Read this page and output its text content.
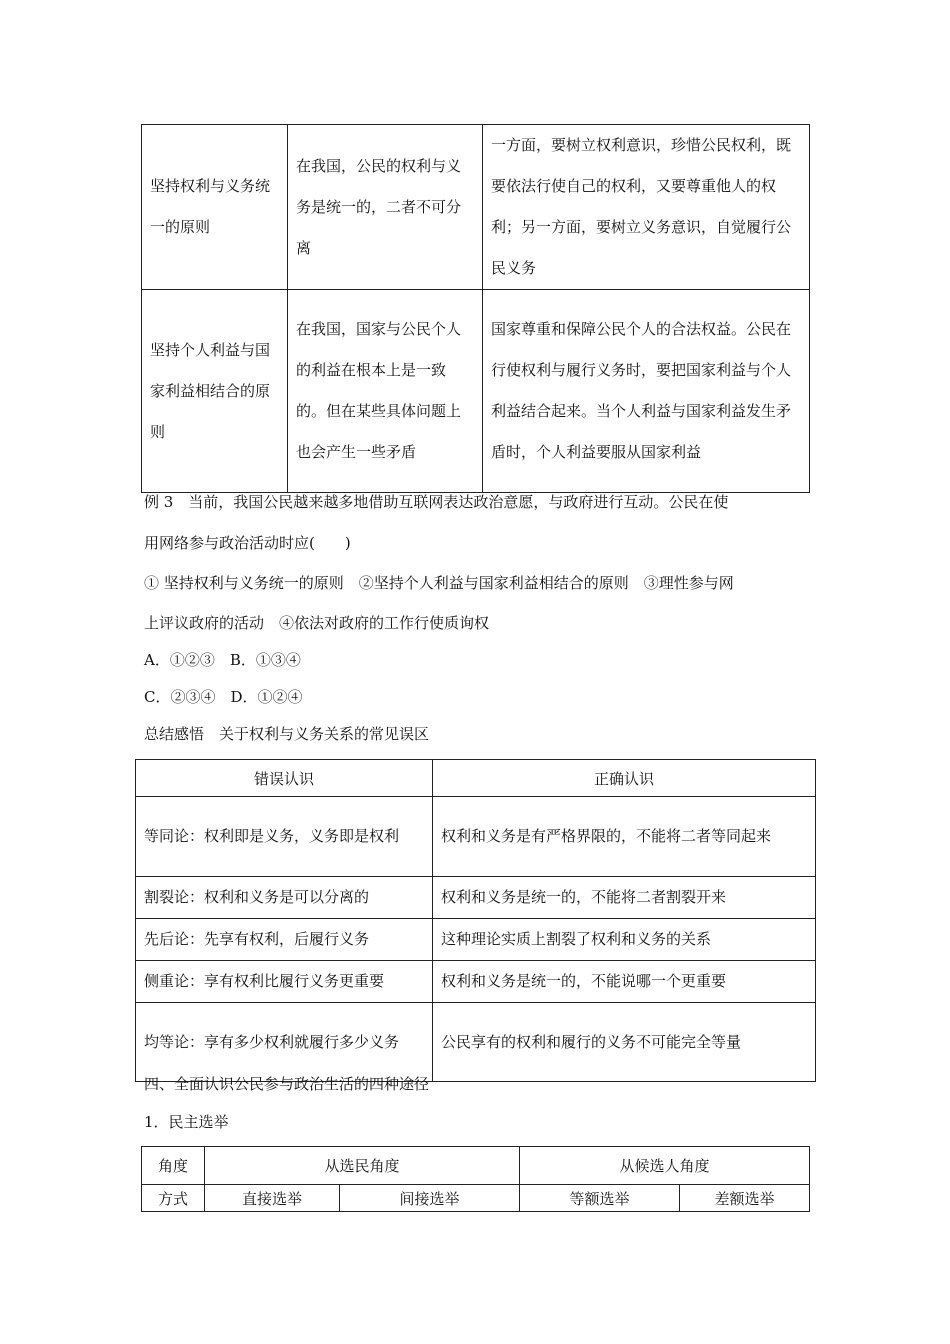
坚持权利与义务统一的原则	在我国，公民的权利与义务是统一的，二者不可分离	一方面，要树立权利意识，珍惜公民权利，既要依法行使自己的权利，又要尊重他人的权利；另一方面，要树立义务意识，自觉履行公民义务

坚持个人利益与国家利益相结合的原则	在我国，国家与公民个人的利益在根本上是一致的。但在某些具体问题上也会产生一些矛盾	国家尊重和保障公民个人的合法权益。公民在行使权利与履行义务时，要把国家利益与个人利益结合起来。当个人利益与国家利益发生矛盾时，个人利益要服从国家利益

例 3　当前，我国公民越来越多地借助互联网表达政治意愿，与政府进行互动。公民在使

用网络参与政治活动时应(　　)

① 坚持权利与义务统一的原则　②坚持个人利益与国家利益相结合的原则　③理性参与网

上评议政府的活动　④依法对政府的工作行使质询权

A．①②③　B．①③④

C．②③④　D．①②④

总结感悟　关于权利与义务关系的常见误区

错误认识	正确认识

等同论：权利即是义务，义务即是权利	权利和义务是有严格界限的，不能将二者等同起来

割裂论：权利和义务是可以分离的	权利和义务是统一的，不能将二者割裂开来

先后论：先享有权利，后履行义务	这种理论实质上割裂了权利和义务的关系

侧重论：享有权利比履行义务更重要	权利和义务是统一的，不能说哪一个更重要

均等论：享有多少权利就履行多少义务	公民享有的权利和履行的义务不可能完全等量

四、全面认识公民参与政治生活的四种途径

1．民主选举

角度	从选民角度		从候选人角度	
方式	直接选举	间接选举	等额选举	差额选举
